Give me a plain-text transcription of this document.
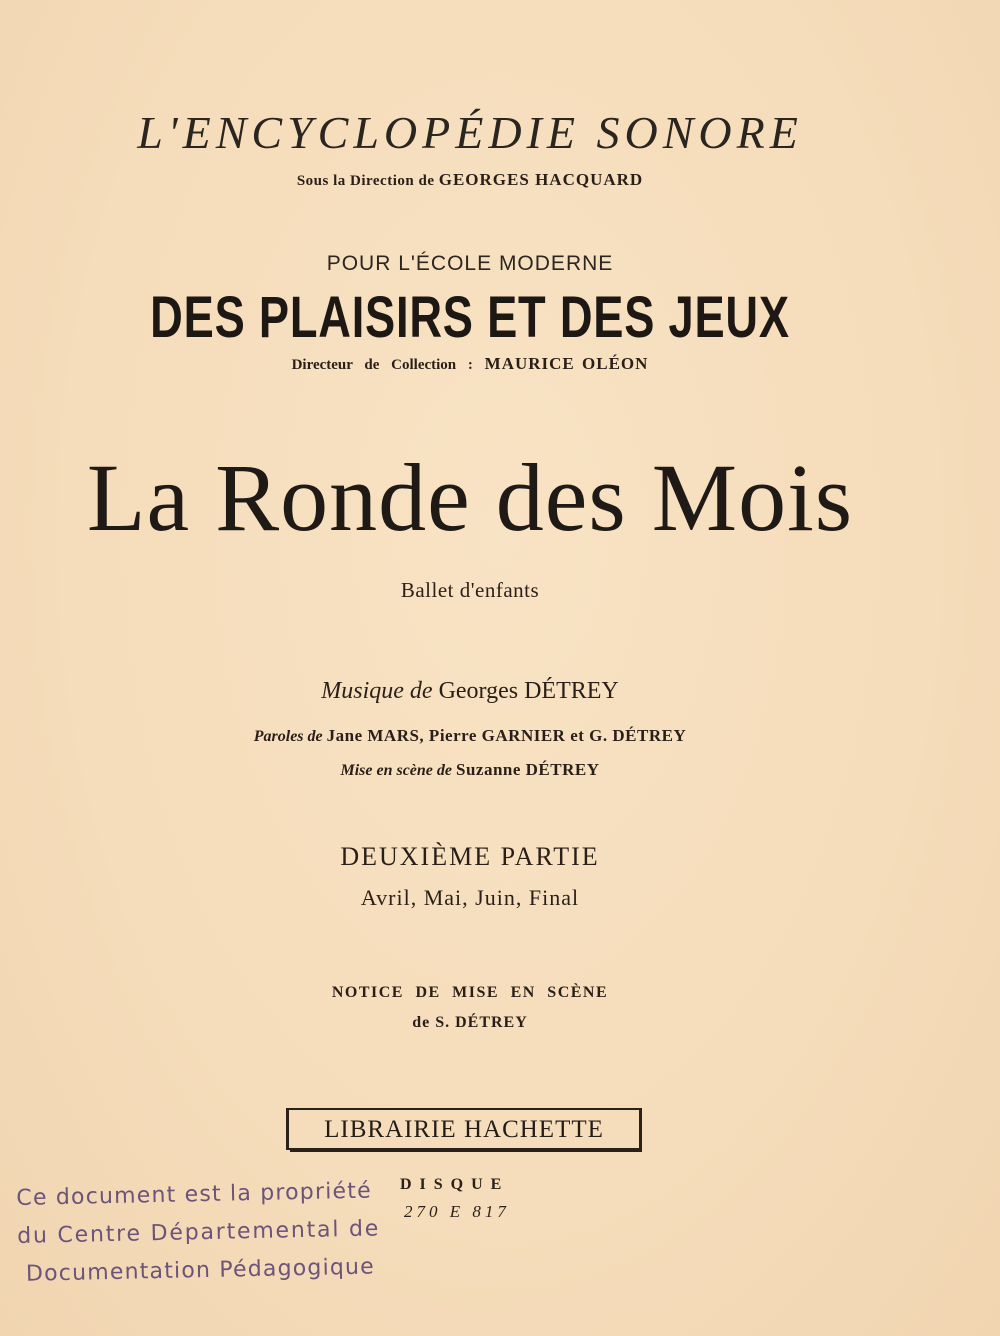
L'ENCYCLOPÉDIE SONORE
Sous la Direction de GEORGES HACQUARD
POUR L'ÉCOLE MODERNE
DES PLAISIRS ET DES JEUX
Directeur de Collection : MAURICE OLÉON
La Ronde des Mois
Ballet d'enfants
Musique de Georges DÉTREY
Paroles de Jane MARS, Pierre GARNIER et G. DÉTREY
Mise en scène de Suzanne DÉTREY
DEUXIÈME PARTIE
Avril, Mai, Juin, Final
NOTICE DE MISE EN SCÈNE
de S. DÉTREY
LIBRAIRIE HACHETTE
Ce document est la propriété
du Centre Départemental de
Documentation Pédagogique
DISQUE
270 E 817
